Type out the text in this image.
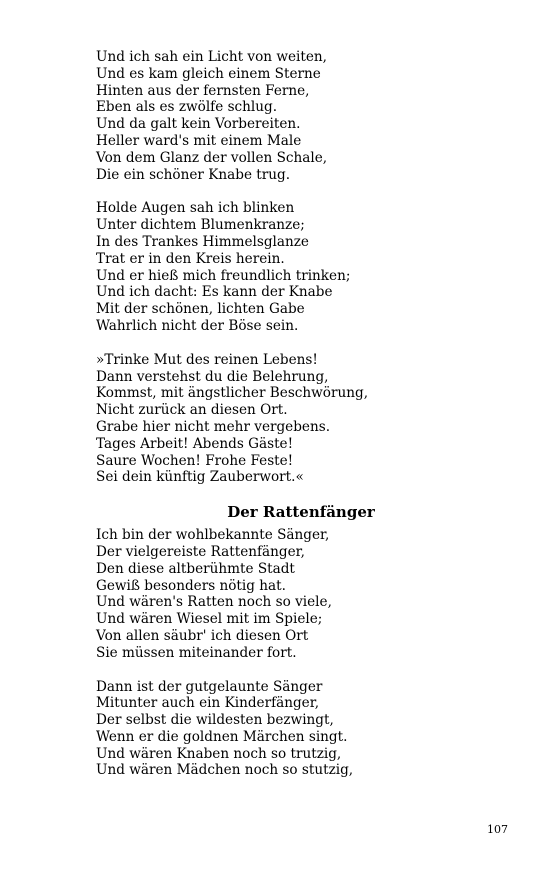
Und ich sah ein Licht von weiten,
Und es kam gleich einem Sterne
Hinten aus der fernsten Ferne,
Eben als es zwölfe schlug.
Und da galt kein Vorbereiten.
Heller ward's mit einem Male
Von dem Glanz der vollen Schale,
Die ein schöner Knabe trug.
Holde Augen sah ich blinken
Unter dichtem Blumenkranze;
In des Trankes Himmelsglanze
Trat er in den Kreis herein.
Und er hieß mich freundlich trinken;
Und ich dacht: Es kann der Knabe
Mit der schönen, lichten Gabe
Wahrlich nicht der Böse sein.
»Trinke Mut des reinen Lebens!
Dann verstehst du die Belehrung,
Kommst, mit ängstlicher Beschwörung,
Nicht zurück an diesen Ort.
Grabe hier nicht mehr vergebens.
Tages Arbeit! Abends Gäste!
Saure Wochen! Frohe Feste!
Sei dein künftig Zauberwort.«
Der Rattenfänger
Ich bin der wohlbekannte Sänger,
Der vielgereiste Rattenfänger,
Den diese altberühmte Stadt
Gewiß besonders nötig hat.
Und wären's Ratten noch so viele,
Und wären Wiesel mit im Spiele;
Von allen säubr' ich diesen Ort
Sie müssen miteinander fort.
Dann ist der gutgelaunte Sänger
Mitunter auch ein Kinderfänger,
Der selbst die wildesten bezwingt,
Wenn er die goldnen Märchen singt.
Und wären Knaben noch so trutzig,
Und wären Mädchen noch so stutzig,
107
